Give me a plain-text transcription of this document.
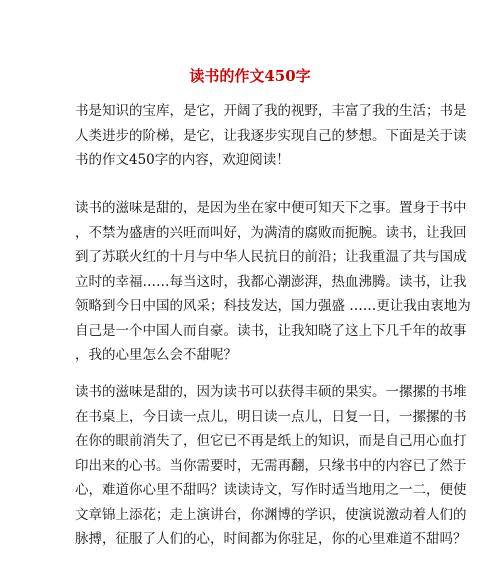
读书的作文450字

书是知识的宝库，是它，开阔了我的视野，丰富了我的生活；书是
人类进步的阶梯，是它，让我逐步实现自己的梦想。下面是关于读
书的作文450字的内容，欢迎阅读！

读书的滋味是甜的，是因为坐在家中便可知天下之事。置身于书中
，不禁为盛唐的兴旺而叫好，为满清的腐败而扼腕。读书，让我回
到了苏联火红的十月与中华人民抗日的前沿；让我重温了共与国成
立时的幸福……每当这时，我都心潮澎湃，热血沸腾。读书，让我
领略到今日中国的风采；科技发达，国力强盛 ……更让我由衷地为
自己是一个中国人而自豪。读书，让我知晓了这上下几千年的故事
，我的心里怎么会不甜呢？

读书的滋味是甜的，因为读书可以获得丰硕的果实。一摞摞的书堆
在书桌上，今日读一点儿，明日读一点儿，日复一日，一摞摞的书
在你的眼前消失了，但它已不再是纸上的知识，而是自己用心血打
印出来的心书。当你需要时，无需再翻，只缘书中的内容已了然于
心，难道你心里不甜吗？读读诗文，写作时适当地用之一二，便使
文章锦上添花；走上演讲台，你渊博的学识，使演说激动着人们的
脉搏，征服了人们的心，时间都为你驻足，你的心里难道不甜吗？
